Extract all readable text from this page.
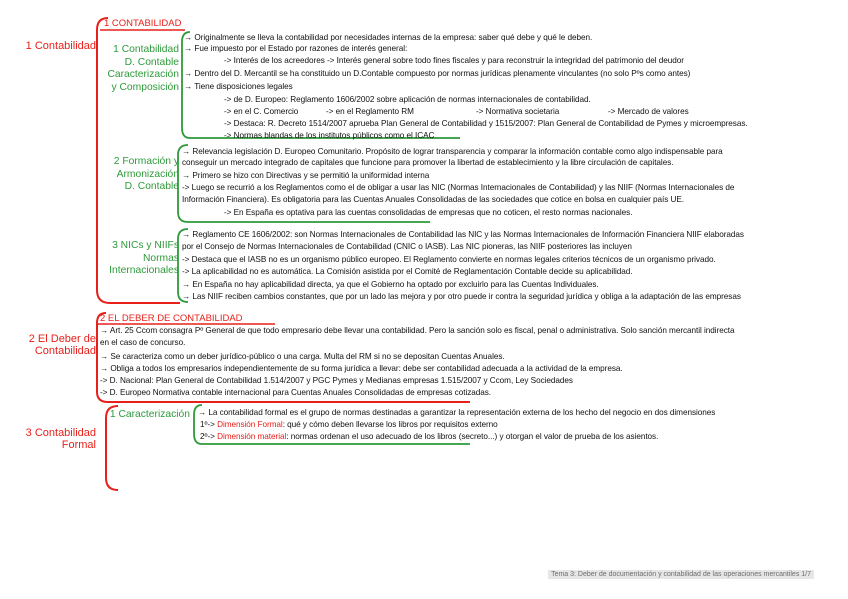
1 Contabilidad
1 CONTABILIDAD
1 Contabilidad
D. Contable
Caracterización
y Composición
→ Originalmente se lleva la contabilidad por necesidades internas de la empresa: saber qué debe y qué le deben.
→ Fue impuesto por el Estado por razones de interés general:
-> Interés de los acreedores -> Interés general sobre todo fines fiscales y para reconstruir la integridad del patrimonio del deudor
→ Dentro del D. Mercantil se ha constituido un D.Contable compuesto por normas jurídicas plenamente vinculantes (no solo Pºs como antes)
→ Tiene disposiciones legales
-> de D. Europeo: Reglamento 1606/2002 sobre aplicación de normas internacionales de contabilidad.
-> en el C. Comercio	-> en el Reglamento RM	-> Normativa societaria	-> Mercado de valores
-> Destaca: R. Decreto 1514/2007 aprueba Plan General de Contabilidad y 1515/2007: Plan General de Contabilidad de Pymes y microempresas.
-> Normas blandas de los institutos públicos como el ICAC
2 Formación y
Armonización
D. Contable
→ Relevancia legislación D. Europeo Comunitario. Propósito de lograr transparencia y comparar la información contable como algo indispensable para
conseguir un mercado integrado de capitales que funcione para promover la libertad de establecimiento y la libre circulación de capitales.
→ Primero se hizo con Directivas y se permitió la uniformidad interna
-> Luego se recurrió a los Reglamentos como el de obligar a usar las NIC (Normas Internacionales de Contabilidad) y las NIIF (Normas Internacionales de
Información Financiera). Es obligatoria para las Cuentas Anuales Consolidadas de las sociedades que cotice en bolsa en cualquier país UE.
-> En España es optativa para las cuentas consolidadas de empresas que no coticen, el resto normas nacionales.
3 NICs y NIIFs
Normas
Internacionales
→ Reglamento CE 1606/2002: son Normas Internacionales de Contabilidad las NIC y las Normas Internacionales de Información Financiera NIIF elaboradas
por el Consejo de Normas Internacionales de Contabilidad (CNIC o IASB). Las NIC pioneras, las NIIF posteriores las incluyen
-> Destaca que el IASB no es un organismo público europeo. El Reglamento convierte en normas legales criterios técnicos de un organismo privado.
-> La aplicabilidad no es automática. La Comisión asistida por el Comité de Reglamentación Contable decide su aplicabilidad.
→ En España no hay aplicabilidad directa, ya que el Gobierno ha optado por excluirlo para las Cuentas Individuales.
→ Las NIIF reciben cambios constantes, que por un lado las mejora y por otro puede ir contra la seguridad jurídica y obliga a la adaptación de las empresas
2 El Deber de
Contabilidad
2 EL DEBER DE CONTABILIDAD
→ Art. 25 Ccom consagra Pº General de que todo empresario debe llevar una contabilidad. Pero la sanción solo es fiscal, penal o administrativa. Solo sanción mercantil indirecta
en el caso de concurso.
→ Se caracteriza como un deber jurídico-público o una carga. Multa del RM si no se depositan Cuentas Anuales.
→ Obliga a todos los empresarios independientemente de su forma jurídica a llevar: debe ser contabilidad adecuada a la actividad de la empresa.
-> D. Nacional: Plan General de Contabilidad 1.514/2007 y PGC Pymes y Medianas empresas 1.515/2007 y Ccom, Ley Sociedades
-> D. Europeo Normativa contable internacional para Cuentas Anuales Consolidadas de empresas cotizadas.
3 Contabilidad
Formal
1 Caracterización → La contabilidad formal es el grupo de normas destinadas a garantizar la representación externa de los hecho del negocio en dos dimensiones
1º-> Dimensión Formal: qué y cómo deben llevarse los libros por requisitos externo
2º-> Dimensión material: normas ordenan el uso adecuado de los libros (secreto...) y otorgan el valor de prueba de los asientos.
Tema 3: Deber de documentación y contabilidad de las operaciones mercantiles 1/7
